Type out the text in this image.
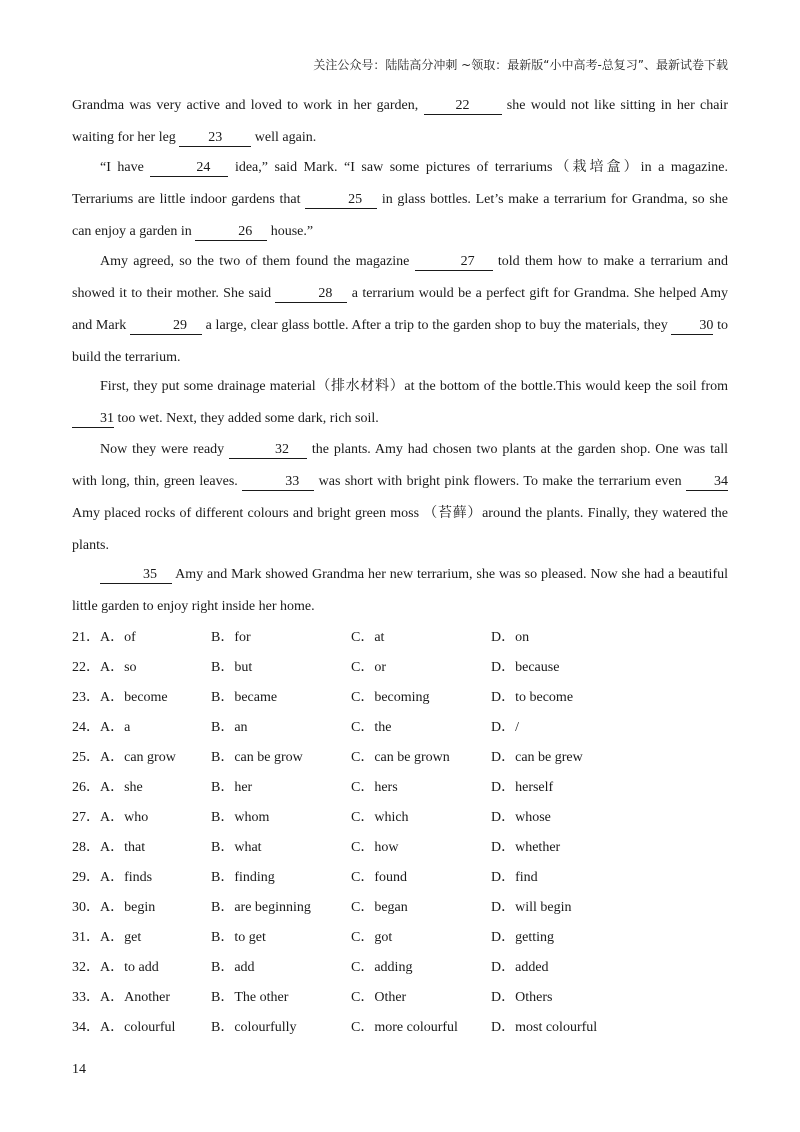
关注公众号：陆陆高分冲刺 ~领取：最新版“小中高考-总复习”、最新试卷下载

Grandma was very active and loved to work in her garden, 22 she would not like sitting in her chair waiting for her leg 23 well again.

“I have	24 idea,” said Mark. “I saw some pictures of terrariums（栽培盒）in a magazine. Terrariums are little indoor gardens that	25 in glass bottles. Let’s make a terrarium for Grandma, so she can enjoy a garden in	26 house.”

Amy agreed, so the two of them found the magazine	27 told them how to make a terrarium and showed it to their mother. She said	28 a terrarium would be a perfect gift for Grandma. She helped Amy and Mark	29 a large, clear glass bottle. After a trip to the garden shop to buy the materials, they 30 to build the terrarium.

First, they put some drainage material（排水材料）at the bottom of the bottle.This would keep the soil from 31 too wet. Next, they added some dark, rich soil.

Now they were ready	32 the plants. Amy had chosen two plants at the garden shop. One was tall with long, thin, green leaves.	33 was short with bright pink flowers. To make the terrarium even 34 Amy placed rocks of different colours and bright green moss （苔藓）around the plants. Finally, they watered the plants.

35 Amy and Mark showed Grandma her new terrarium, she was so pleased. Now she had a beautiful little garden to enjoy right inside her home.

21．A．of	B．for	C．at	D．on
22．A．so	B．but	C．or	D．because
23．A．become	B．became	C．becoming	D．to become
24．A．a	B．an	C．the	D．/
25．A．can grow	B．can be grow	C．can be grown	D．can be grew
26．A．she	B．her	C．hers	D．herself
27．A．who	B．whom	C．which	D．whose
28．A．that	B．what	C．how	D．whether
29．A．finds	B．finding	C．found	D．find
30．A．begin	B．are beginning	C．began	D．will begin
31．A．get	B．to get	C．got	D．getting
32．A．to add	B．add	C．adding	D．added
33．A．Another	B．The other	C．Other	D．Others
34．A．colourful	B．colourfully	C．more colourful D．most colourful
14
